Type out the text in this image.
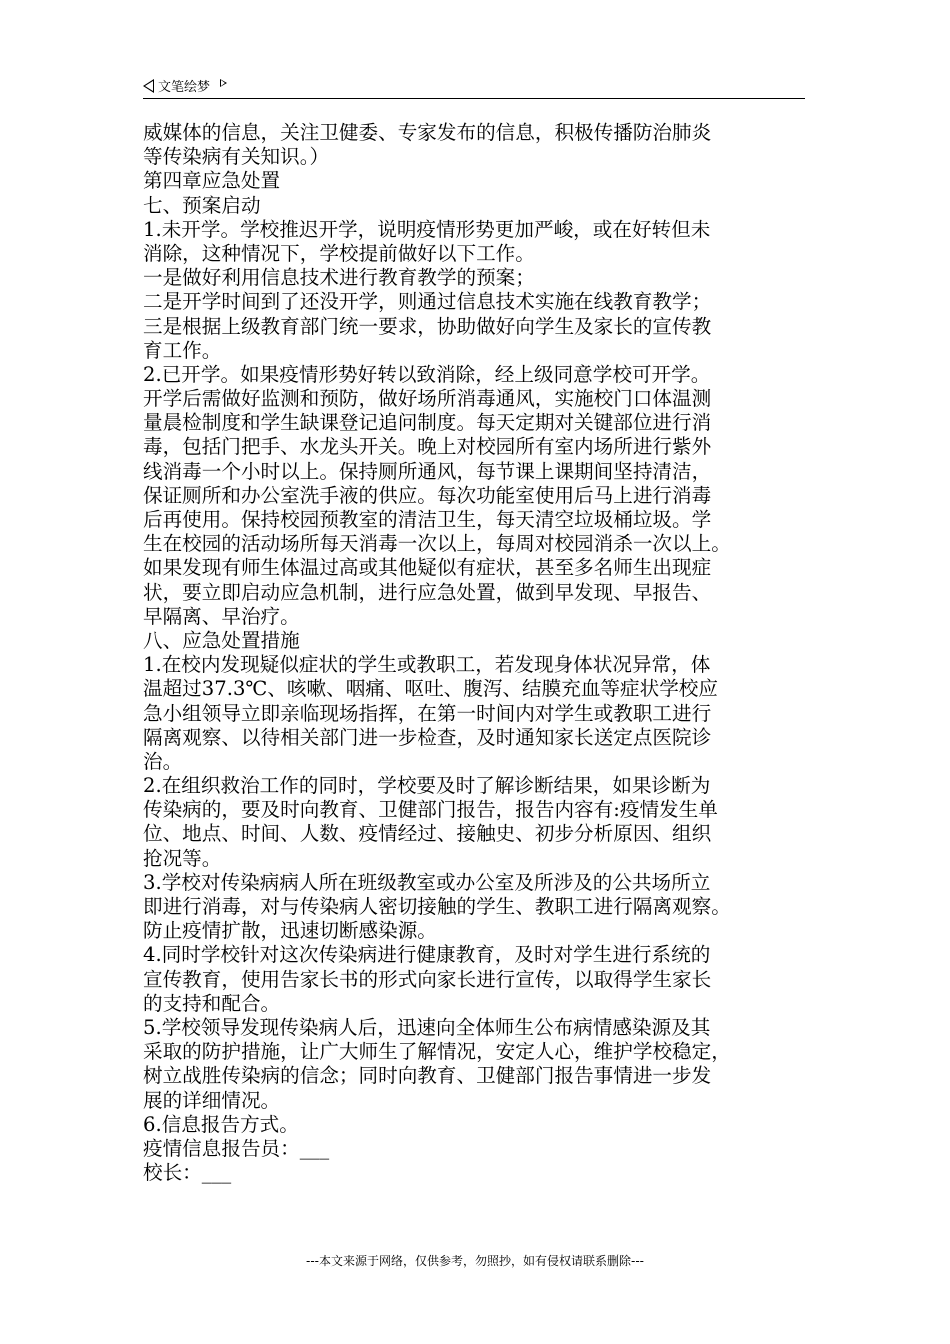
文笔绘梦
威媒体的信息，关注卫健委、专家发布的信息，积极传播防治肺炎
等传染病有关知识。）
第四章应急处置
七、预案启动
1.未开学。学校推迟开学，说明疫情形势更加严峻，或在好转但未
消除，这种情况下，学校提前做好以下工作。
一是做好利用信息技术进行教育教学的预案；
二是开学时间到了还没开学，则通过信息技术实施在线教育教学；
三是根据上级教育部门统一要求，协助做好向学生及家长的宣传教
育工作。
2.已开学。如果疫情形势好转以致消除，经上级同意学校可开学。
开学后需做好监测和预防，做好场所消毒通风，实施校门口体温测
量晨检制度和学生缺课登记追问制度。每天定期对关键部位进行消
毒，包括门把手、水龙头开关。晚上对校园所有室内场所进行紫外
线消毒一个小时以上。保持厕所通风，每节课上课期间坚持清洁，
保证厕所和办公室洗手液的供应。每次功能室使用后马上进行消毒
后再使用。保持校园预教室的清洁卫生，每天清空垃圾桶垃圾。学
生在校园的活动场所每天消毒一次以上，每周对校园消杀一次以上。
如果发现有师生体温过高或其他疑似有症状，甚至多名师生出现症
状，要立即启动应急机制，进行应急处置，做到早发现、早报告、
早隔离、早治疗。
八、应急处置措施
1.在校内发现疑似症状的学生或教职工，若发现身体状况异常，体
温超过37.3℃、咳嗽、咽痛、呕吐、腹泻、结膜充血等症状学校应
急小组领导立即亲临现场指挥，在第一时间内对学生或教职工进行
隔离观察、以待相关部门进一步检查，及时通知家长送定点医院诊
治。
2.在组织救治工作的同时，学校要及时了解诊断结果，如果诊断为
传染病的，要及时向教育、卫健部门报告，报告内容有:疫情发生单
位、地点、时间、人数、疫情经过、接触史、初步分析原因、组织
抢况等。
3.学校对传染病病人所在班级教室或办公室及所涉及的公共场所立
即进行消毒，对与传染病人密切接触的学生、教职工进行隔离观察。
防止疫情扩散，迅速切断感染源。
4.同时学校针对这次传染病进行健康教育，及时对学生进行系统的
宣传教育，使用告家长书的形式向家长进行宣传，以取得学生家长
的支持和配合。
5.学校领导发现传染病人后，迅速向全体师生公布病情感染源及其
采取的防护措施，让广大师生了解情况，安定人心，维护学校稳定，
树立战胜传染病的信念；同时向教育、卫健部门报告事情进一步发
展的详细情况。
6.信息报告方式。
疫情信息报告员：___
校长：___
---本文来源于网络，仅供参考，勿照抄，如有侵权请联系删除---
